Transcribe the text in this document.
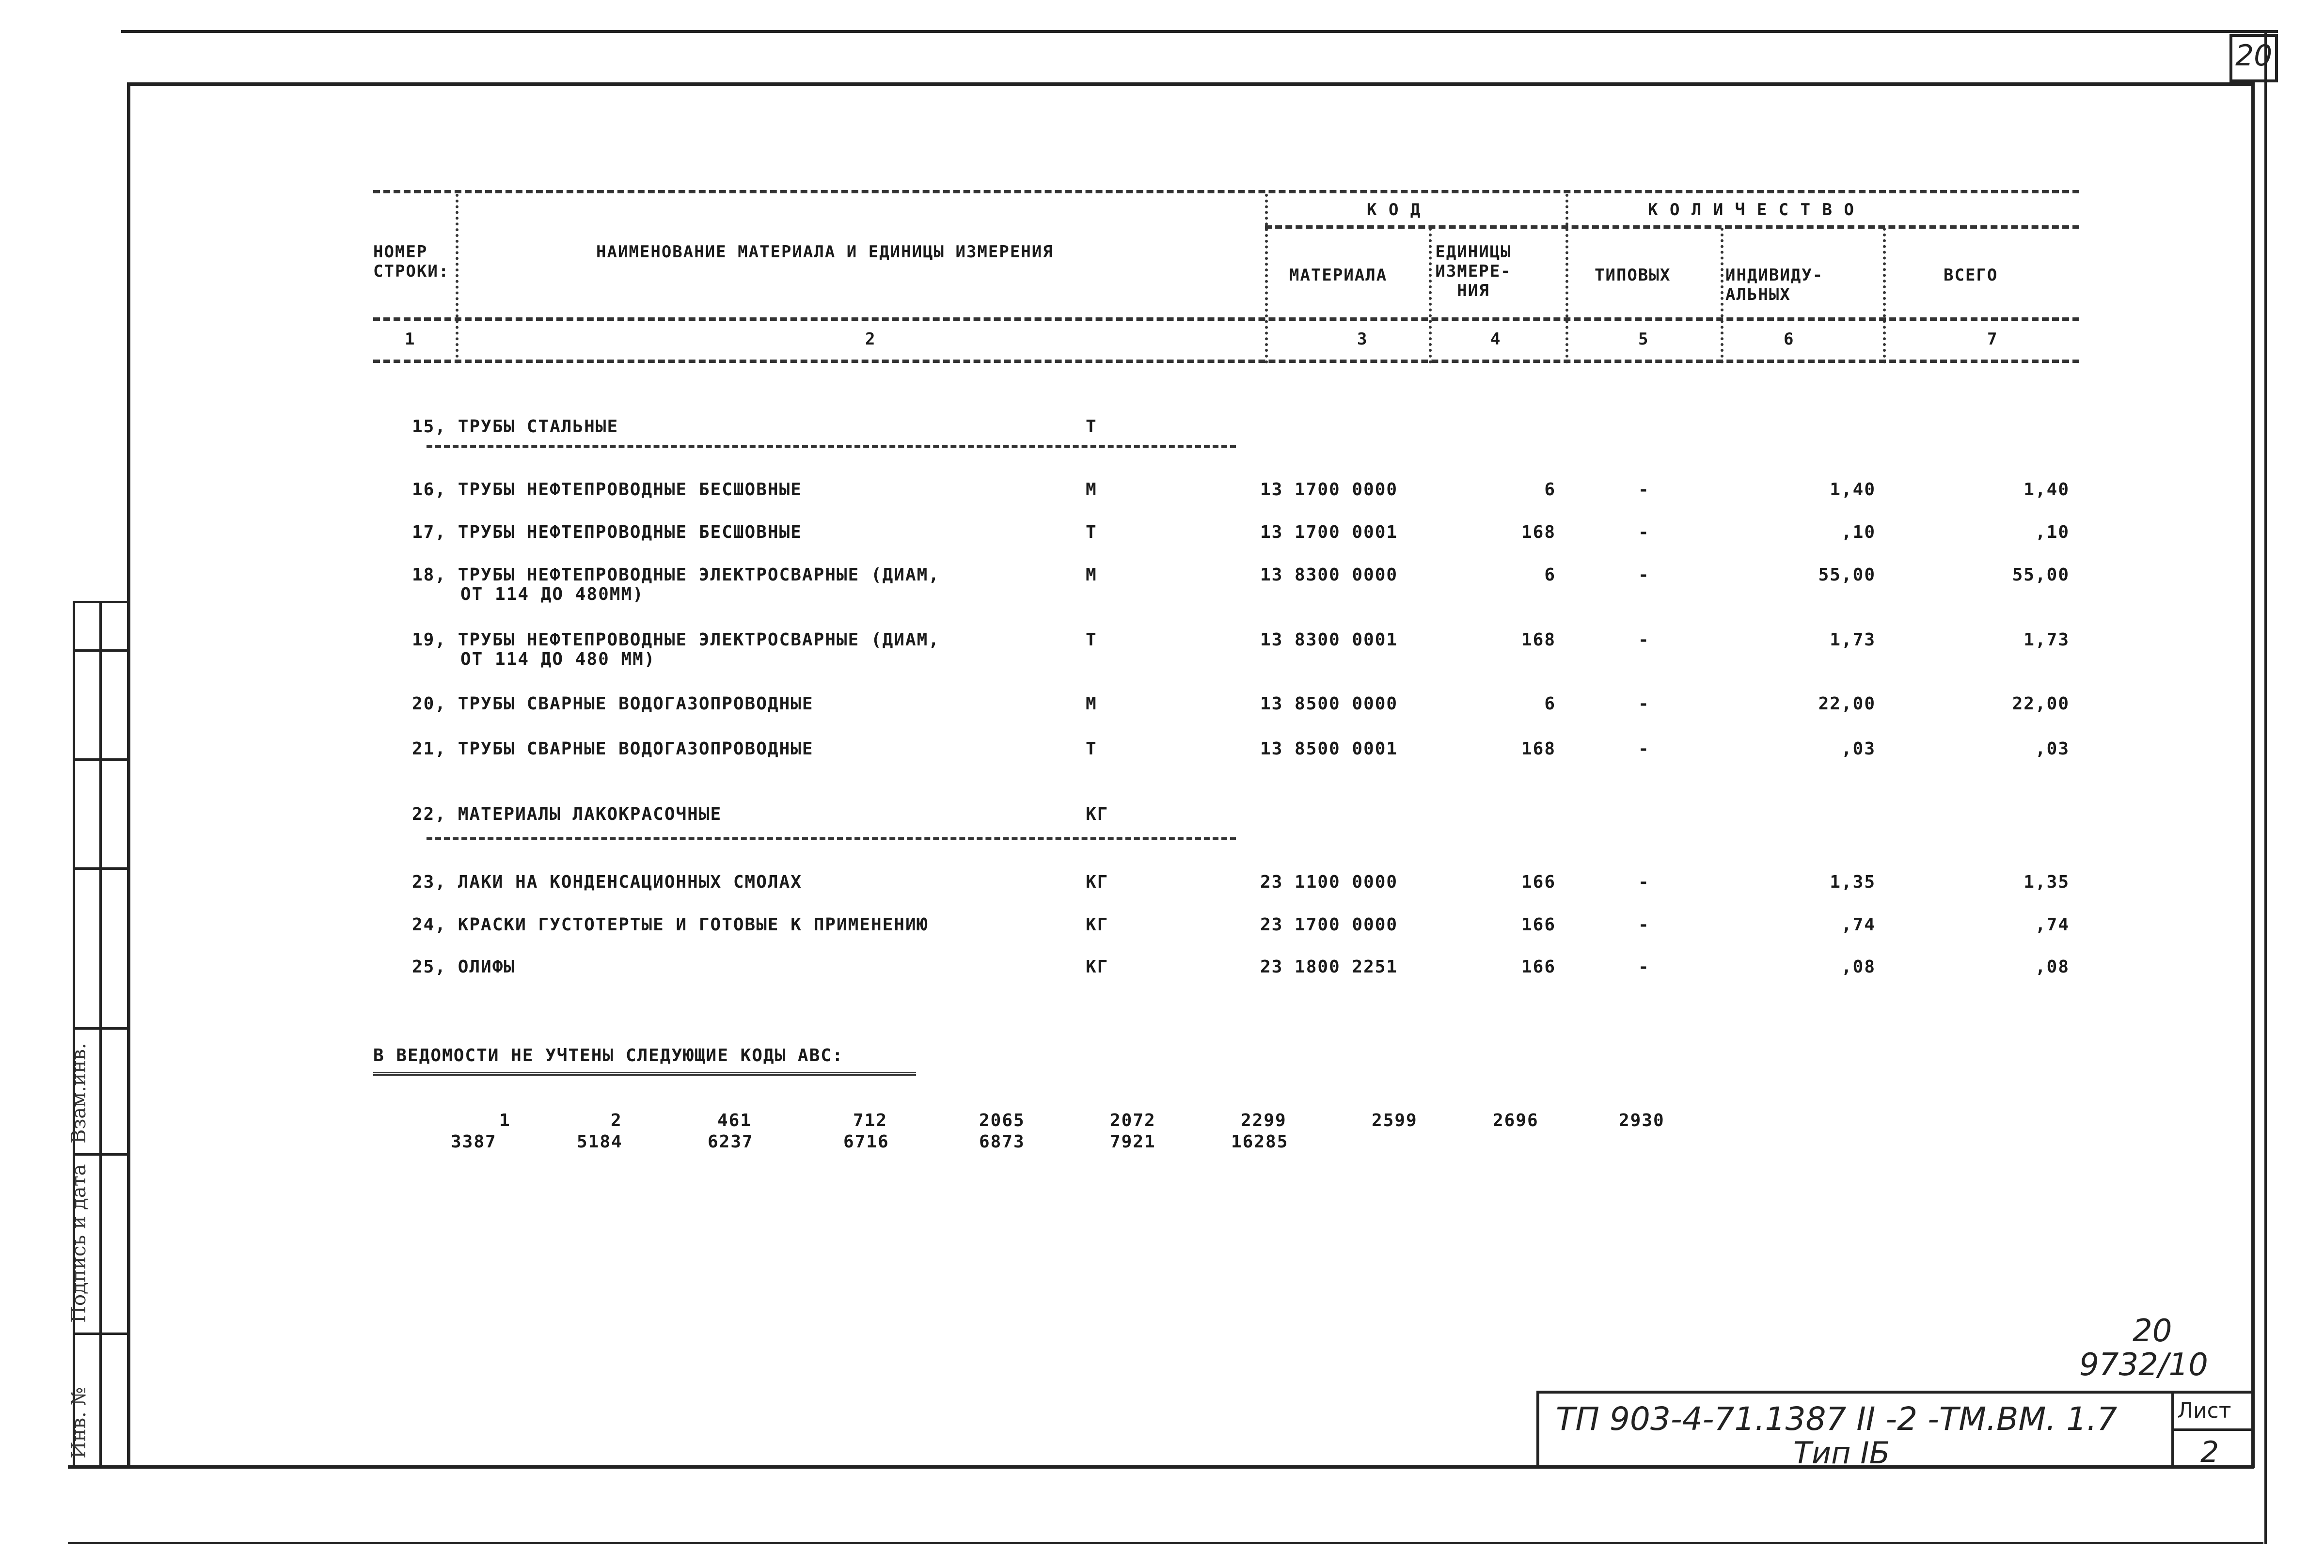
20
Взам.инв.
Подпись и дата
Инв. №
НОМЕР СТРОКИ:
НАИМЕНОВАНИЕ МАТЕРИАЛА И ЕДИНИЦЫ ИЗМЕРЕНИЯ
К О Д	К О Л И Ч Е С Т В О
МАТЕРИАЛА
ЕДИНИЦЫ ИЗМЕРЕ- НИЯ
ТИПОВЫХ	ИНДИВИДУ- АЛЬНЫХ
ВСЕГО
1	2	3	4	5	6	7
15, ТРУБЫ СТАЛЬНЫЕ	Т
16, ТРУБЫ НЕФТЕПРОВОДНЫЕ БЕСШОВНЫЕ	М	13 1700 0000	6	-	1,40	1,40
17, ТРУБЫ НЕФТЕПРОВОДНЫЕ БЕСШОВНЫЕ	Т	13 1700 0001	168	-	,10	,10
18, ТРУБЫ НЕФТЕПРОВОДНЫЕ ЭЛЕКТРОСВАРНЫЕ (ДИАМ,
ОТ 114 ДО 480ММ)
М	13 8300 0000	6	-	55,00	55,00
19, ТРУБЫ НЕФТЕПРОВОДНЫЕ ЭЛЕКТРОСВАРНЫЕ (ДИАМ,
ОТ 114 ДО 480 ММ)
Т	13 8300 0001	168	-	1,73	1,73
20, ТРУБЫ СВАРНЫЕ ВОДОГАЗОПРОВОДНЫЕ	М	13 8500 0000	6	-	22,00	22,00
21, ТРУБЫ СВАРНЫЕ ВОДОГАЗОПРОВОДНЫЕ	Т	13 8500 0001	168	-	,03	,03
22, МАТЕРИАЛЫ ЛАКОКРАСОЧНЫЕ	КГ
23, ЛАКИ НА КОНДЕНСАЦИОННЫХ СМОЛАХ	КГ	23 1100 0000	166	-	1,35	1,35
24, КРАСКИ ГУСТОТЕРТЫЕ И ГОТОВЫЕ К ПРИМЕНЕНИЮ	КГ	23 1700 0000	166	-	,74	,74
25, ОЛИФЫ	КГ	23 1800 2251	166	-	,08	,08
В ВЕДОМОСТИ НЕ УЧТЕНЫ СЛЕДУЮЩИЕ КОДЫ АВС:
1	2	461	712	2065	2072	2299	2599	2696	2930
3387	5184	6237	6716	6873	7921	16285
20
9732/10
ТП 903-4-71.1387 II -2 -ТМ.ВМ. 1.7
Тип IБ
Лист
2
